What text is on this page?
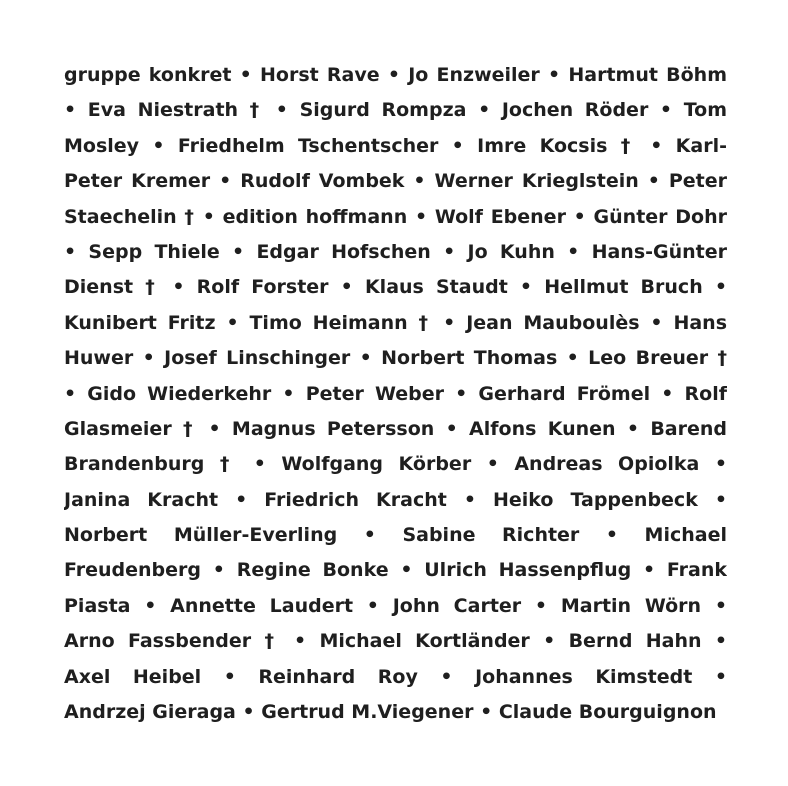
gruppe konkret • Horst Rave • Jo Enzweiler • Hartmut Böhm
• Eva Niestrath † • Sigurd Rompza • Jochen Röder • Tom
Mosley • Friedhelm Tschentscher • Imre Kocsis † • Karl-
Peter Kremer • Rudolf Vombek • Werner Krieglstein • Peter
Staechelin † • edition hoffmann • Wolf Ebener • Günter Dohr
• Sepp Thiele • Edgar Hofschen • Jo Kuhn • Hans-Günter
Dienst † • Rolf Forster • Klaus Staudt • Hellmut Bruch •
Kunibert Fritz • Timo Heimann † • Jean Mauboulès • Hans
Huwer • Josef Linschinger • Norbert Thomas • Leo Breuer †
• Gido Wiederkehr • Peter Weber • Gerhard Frömel • Rolf
Glasmeier † • Magnus Petersson • Alfons Kunen • Barend
Brandenburg † • Wolfgang Körber • Andreas Opiolka •
Janina Kracht • Friedrich Kracht • Heiko Tappenbeck •
Norbert Müller-Everling • Sabine Richter • Michael
Freudenberg • Regine Bonke • Ulrich Hassenpflug • Frank
Piasta • Annette Laudert • John Carter • Martin Wörn •
Arno Fassbender † • Michael Kortländer • Bernd Hahn •
Axel Heibel • Reinhard Roy • Johannes Kimstedt •
Andrzej Gieraga • Gertrud M.Viegener • Claude Bourguignon
